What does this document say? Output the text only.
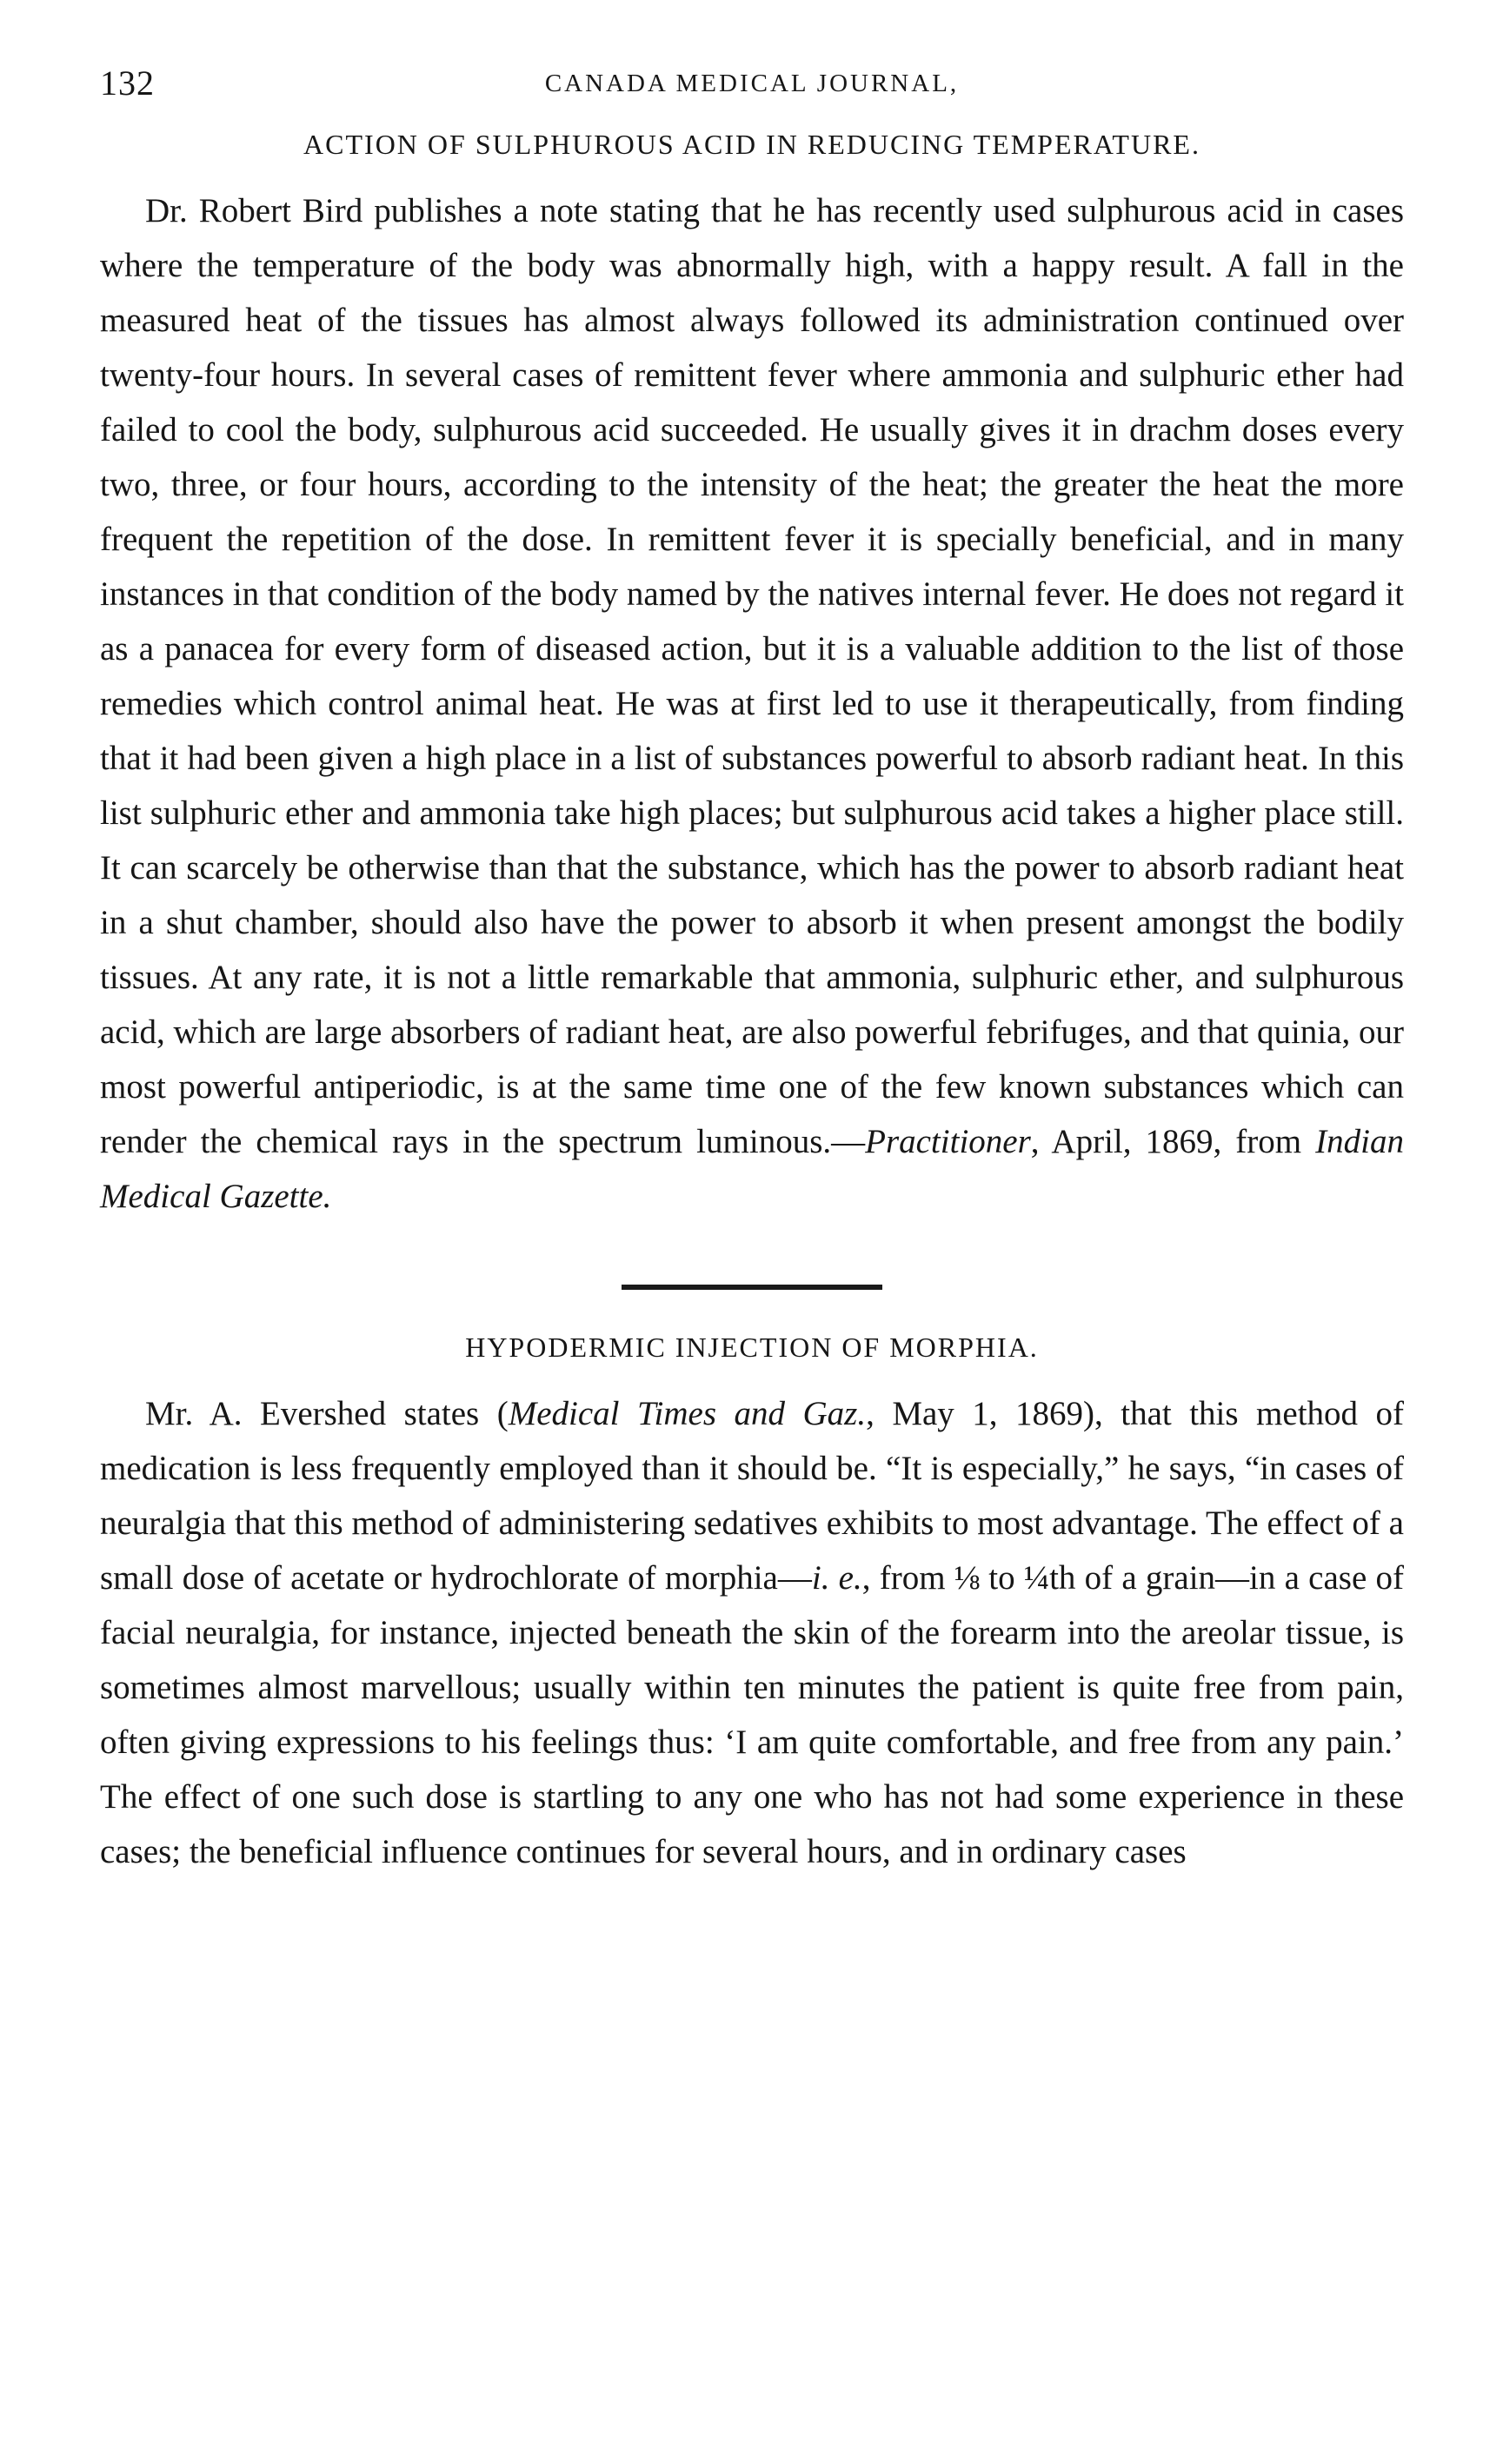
132	CANADA MEDICAL JOURNAL,
ACTION OF SULPHUROUS ACID IN REDUCING TEMPERATURE.

Dr. Robert Bird publishes a note stating that he has recently used sulphurous acid in cases where the temperature of the body was abnormally high, with a happy result. A fall in the measured heat of the tissues has almost always followed its administration continued over twenty-four hours. In several cases of remittent fever where ammonia and sulphuric ether had failed to cool the body, sulphurous acid succeeded. He usually gives it in drachm doses every two, three, or four hours, according to the intensity of the heat; the greater the heat the more frequent the repetition of the dose. In remittent fever it is specially beneficial, and in many instances in that condition of the body named by the natives internal fever. He does not regard it as a panacea for every form of diseased action, but it is a valuable addition to the list of those remedies which control animal heat. He was at first led to use it therapeutically, from finding that it had been given a high place in a list of substances powerful to absorb radiant heat. In this list sulphuric ether and ammonia take high places; but sulphurous acid takes a higher place still. It can scarcely be otherwise than that the substance, which has the power to absorb radiant heat in a shut chamber, should also have the power to absorb it when present amongst the bodily tissues. At any rate, it is not a little remarkable that ammonia, sulphuric ether, and sulphurous acid, which are large absorbers of radiant heat, are also powerful febrifuges, and that quinia, our most powerful antiperiodic, is at the same time one of the few known substances which can render the chemical rays in the spectrum luminous.—Practitioner, April, 1869, from Indian Medical Gazette.

HYPODERMIC INJECTION OF MORPHIA.

Mr. A. Evershed states (Medical Times and Gaz., May 1, 1869), that this method of medication is less frequently employed than it should be. “It is especially,” he says, “in cases of neuralgia that this method of administering sedatives exhibits to most advantage. The effect of a small dose of acetate or hydrochlorate of morphia—i. e., from ⅛ to ¼th of a grain—in a case of facial neuralgia, for instance, injected beneath the skin of the forearm into the areolar tissue, is sometimes almost marvellous; usually within ten minutes the patient is quite free from pain, often giving expressions to his feelings thus: ‘I am quite comfortable, and free from any pain.’ The effect of one such dose is startling to any one who has not had some experience in these cases; the beneficial influence continues for several hours, and in ordinary cases
